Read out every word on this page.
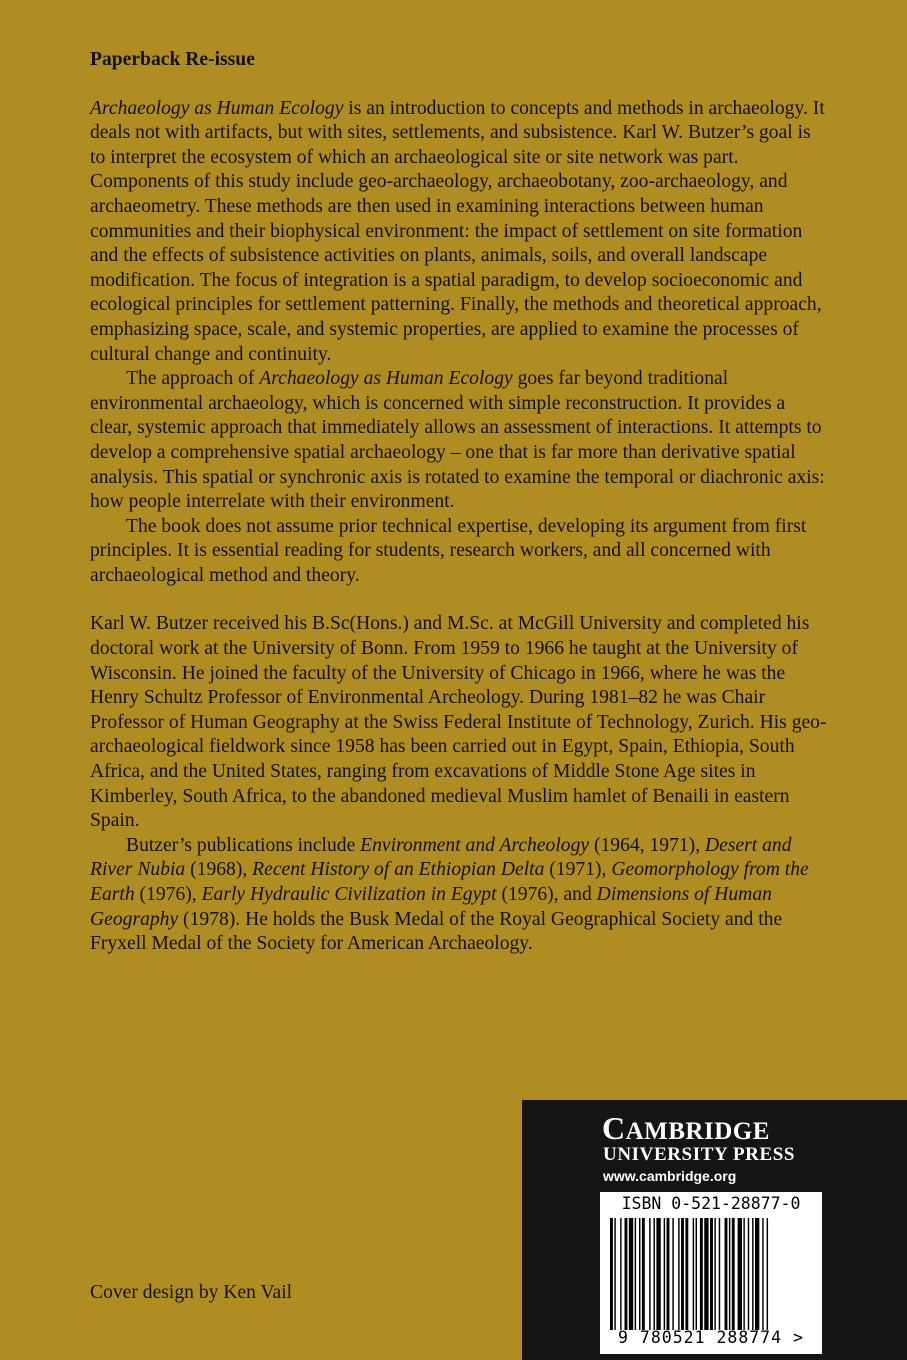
Paperback Re-issue

Archaeology as Human Ecology is an introduction to concepts and methods in archaeology. It deals not with artifacts, but with sites, settlements, and subsistence. Karl W. Butzer’s goal is to interpret the ecosystem of which an archaeological site or site network was part. Components of this study include geo-archaeology, archaeobotany, zoo-archaeology, and archaeometry. These methods are then used in examining interactions between human communities and their biophysical environment: the impact of settlement on site formation and the effects of subsistence activities on plants, animals, soils, and overall landscape modification. The focus of integration is a spatial paradigm, to develop socioeconomic and ecological principles for settlement patterning. Finally, the methods and theoretical approach, emphasizing space, scale, and systemic properties, are applied to examine the processes of cultural change and continuity.

The approach of Archaeology as Human Ecology goes far beyond traditional environmental archaeology, which is concerned with simple reconstruction. It provides a clear, systemic approach that immediately allows an assessment of interactions. It attempts to develop a comprehensive spatial archaeology – one that is far more than derivative spatial analysis. This spatial or synchronic axis is rotated to examine the temporal or diachronic axis: how people interrelate with their environment.

The book does not assume prior technical expertise, developing its argument from first principles. It is essential reading for students, research workers, and all concerned with archaeological method and theory.

Karl W. Butzer received his B.Sc(Hons.) and M.Sc. at McGill University and completed his doctoral work at the University of Bonn. From 1959 to 1966 he taught at the University of Wisconsin. He joined the faculty of the University of Chicago in 1966, where he was the Henry Schultz Professor of Environmental Archeology. During 1981–82 he was Chair Professor of Human Geography at the Swiss Federal Institute of Technology, Zurich. His geo-archaeological fieldwork since 1958 has been carried out in Egypt, Spain, Ethiopia, South Africa, and the United States, ranging from excavations of Middle Stone Age sites in Kimberley, South Africa, to the abandoned medieval Muslim hamlet of Benaili in eastern Spain.

Butzer’s publications include Environment and Archeology (1964, 1971), Desert and River Nubia (1968), Recent History of an Ethiopian Delta (1971), Geomorphology from the Earth (1976), Early Hydraulic Civilization in Egypt (1976), and Dimensions of Human Geography (1978). He holds the Busk Medal of the Royal Geographical Society and the Fryxell Medal of the Society for American Archaeology.

Cover design by Ken Vail
CAMBRIDGE
UNIVERSITY PRESS
www.cambridge.org
ISBN 0-521-28877-0
9 780521 288774 >
